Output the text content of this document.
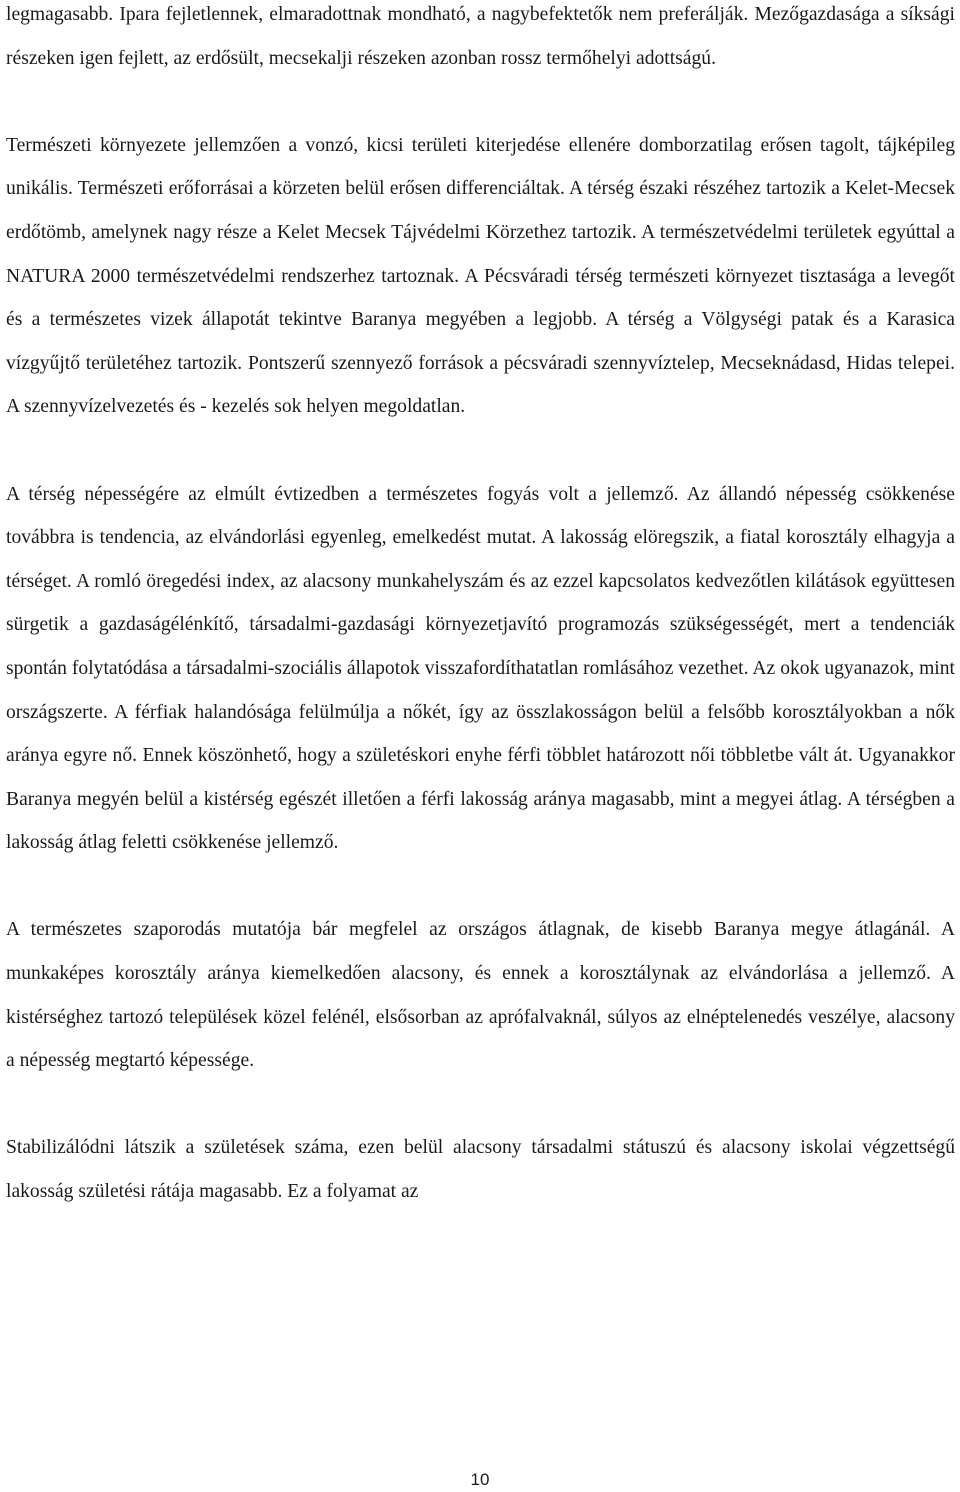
legmagasabb. Ipara fejletlennek, elmaradottnak mondható, a nagybefektetők nem preferálják. Mezőgazdasága a síksági részeken igen fejlett, az erdősült, mecsekalji részeken azonban rossz termőhelyi adottságú.

Természeti környezete jellemzően a vonzó, kicsi területi kiterjedése ellenére domborzatilag erősen tagolt, tájképileg unikális. Természeti erőforrásai a körzeten belül erősen differenciáltak. A térség északi részéhez tartozik a Kelet-Mecsek erdőtömb, amelynek nagy része a Kelet Mecsek Tájvédelmi Körzethez tartozik. A természetvédelmi területek egyúttal a NATURA 2000 természetvédelmi rendszerhez tartoznak. A Pécsváradi térség természeti környezet tisztasága a levegőt és a természetes vizek állapotát tekintve Baranya megyében a legjobb. A térség a Völgységi patak és a Karasica vízgyűjtő területéhez tartozik. Pontszerű szennyező források a pécsváradi szennyvíztelep, Mecseknádasd, Hidas telepei. A szennyvízelvezetés és - kezelés sok helyen megoldatlan.

A térség népességére az elmúlt évtizedben a természetes fogyás volt a jellemző. Az állandó népesség csökkenése továbbra is tendencia, az elvándorlási egyenleg, emelkedést mutat. A lakosság elöregszik, a fiatal korosztály elhagyja a térséget. A romló öregedési index, az alacsony munkahelyszám és az ezzel kapcsolatos kedvezőtlen kilátások együttesen sürgetik a gazdaságélénkítő, társadalmi-gazdasági környezetjavító programozás szükségességét, mert a tendenciák spontán folytatódása a társadalmi-szociális állapotok visszafordíthatatlan romlásához vezethet. Az okok ugyanazok, mint országszerte. A férfiak halandósága felülmúlja a nőkét, így az összlakosságon belül a felsőbb korosztályokban a nők aránya egyre nő. Ennek köszönhető, hogy a születéskori enyhe férfi többlet határozott női többletbe vált át. Ugyanakkor Baranya megyén belül a kistérség egészét illetően a férfi lakosság aránya magasabb, mint a megyei átlag. A térségben a lakosság átlag feletti csökkenése jellemző.

A természetes szaporodás mutatója bár megfelel az országos átlagnak, de kisebb Baranya megye átlagánál. A munkaképes korosztály aránya kiemelkedően alacsony, és ennek a korosztálynak az elvándorlása a jellemző. A kistérséghez tartozó települések közel felénél, elsősorban az aprófalvaknál, súlyos az elnéptelenedés veszélye, alacsony a népesség megtartó képessége.

Stabilizálódni látszik a születések száma, ezen belül alacsony társadalmi státuszú és alacsony iskolai végzettségű lakosság születési rátája magasabb. Ez a folyamat az

10
